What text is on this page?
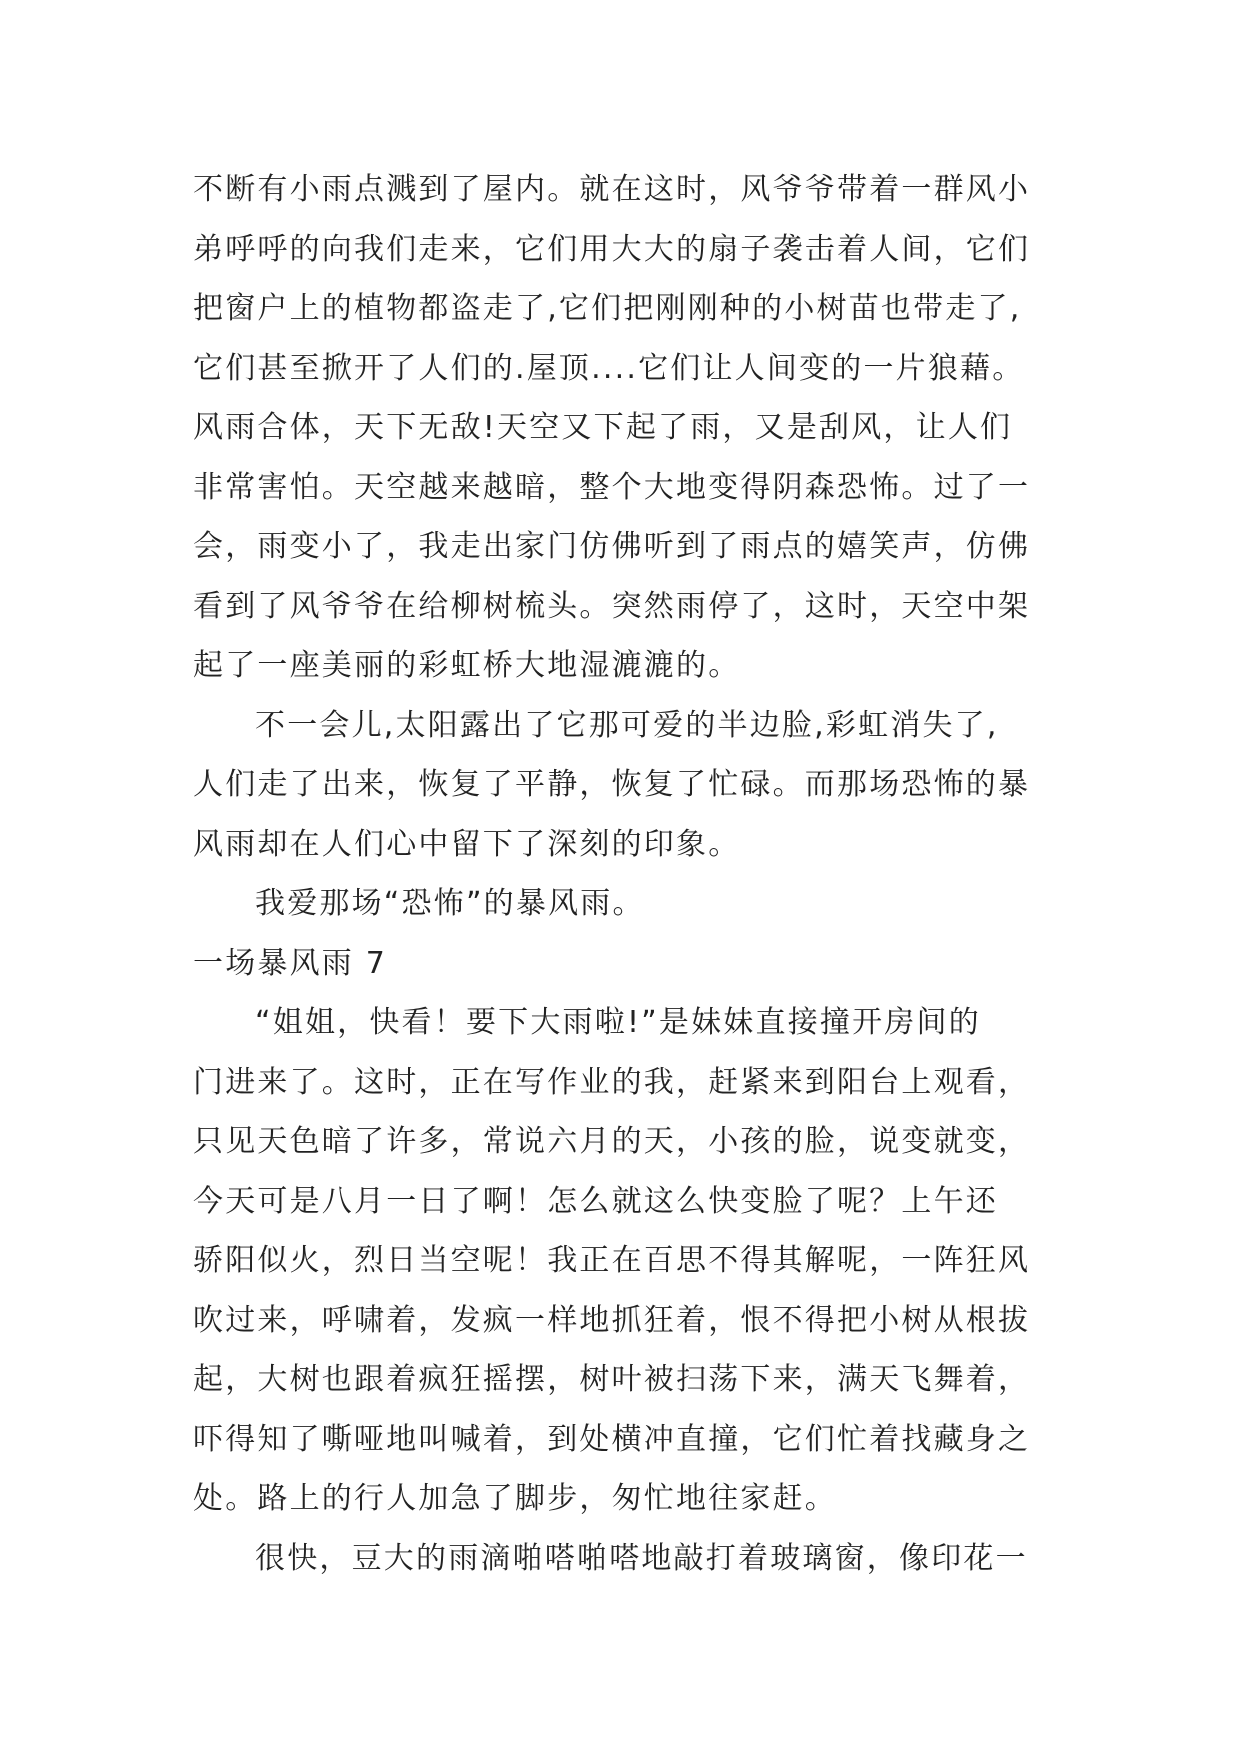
不断有小雨点溅到了屋内。就在这时，风爷爷带着一群风小
弟呼呼的向我们走来，它们用大大的扇子袭击着人间，它们
把窗户上的植物都盗走了,它们把刚刚种的小树苗也带走了,
它们甚至掀开了人们的.屋顶....它们让人间变的一片狼藉。
风雨合体，天下无敌!天空又下起了雨，又是刮风，让人们
非常害怕。天空越来越暗，整个大地变得阴森恐怖。过了一
会，雨变小了，我走出家门仿佛听到了雨点的嬉笑声，仿佛
看到了风爷爷在给柳树梳头。突然雨停了，这时，天空中架
起了一座美丽的彩虹桥大地湿漉漉的。
不一会儿,太阳露出了它那可爱的半边脸,彩虹消失了,
人们走了出来，恢复了平静，恢复了忙碌。而那场恐怖的暴
风雨却在人们心中留下了深刻的印象。
我爱那场“恐怖”的暴风雨。
一场暴风雨 7
“姐姐，快看！要下大雨啦!”是妹妹直接撞开房间的
门进来了。这时，正在写作业的我，赶紧来到阳台上观看，
只见天色暗了许多，常说六月的天，小孩的脸，说变就变，
今天可是八月一日了啊！怎么就这么快变脸了呢？上午还
骄阳似火，烈日当空呢！我正在百思不得其解呢，一阵狂风
吹过来，呼啸着，发疯一样地抓狂着，恨不得把小树从根拔
起，大树也跟着疯狂摇摆，树叶被扫荡下来，满天飞舞着，
吓得知了嘶哑地叫喊着，到处横冲直撞，它们忙着找藏身之
处。路上的行人加急了脚步，匆忙地往家赶。
很快，豆大的雨滴啪嗒啪嗒地敲打着玻璃窗，像印花一
